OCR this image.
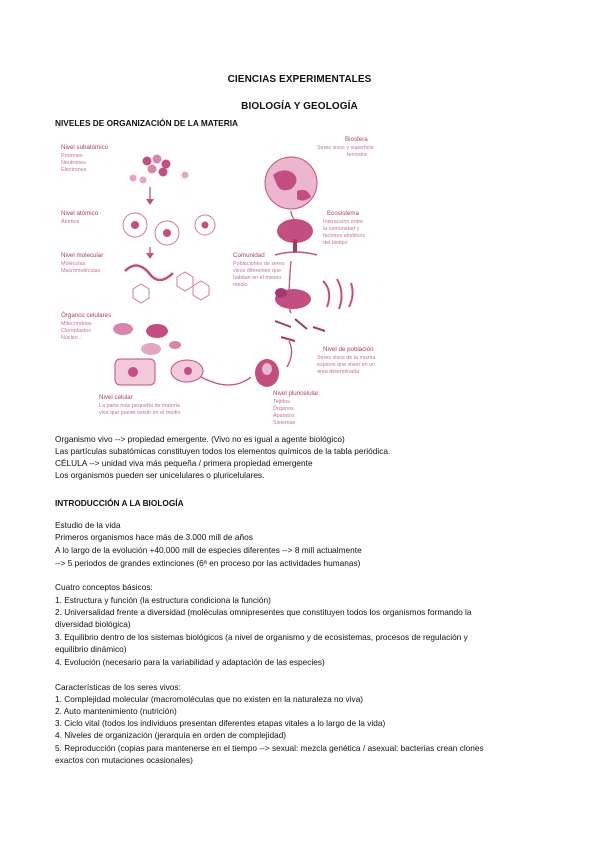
CIENCIAS EXPERIMENTALES
BIOLOGÍA Y GEOLOGÍA
NIVELES DE ORGANIZACIÓN DE LA MATERIA
Nivel subatómico
Protones
Neutrones
Electrones
Nivel atómico
Átomos
Nivel molecular
Moléculas
Macromoléculas
Órganos celulares
Mitocondrias
Cloroplastos
Núcleo...
Nivel celular
La parte más pequeña de materia
viva que puede existir en el medio
Biosfera
Seres vivos y superficie
terrestre
Ecosistema
Interacción entre
la comunidad y
factores abióticos
del biotipo
Comunidad
Poblaciones de seres
vivos diferentes que
habitan en el mismo
medio
Nivel de población
Seres vivos de la misma
especie que viven en un
área determinada
Nivel pluricelular
Tejidos
Órganos
Aparatos
Sistemas
Organismo vivo --> propiedad emergente. (Vivo no es igual a agente biológico)
Las partículas subatómicas constituyen todos los elementos químicos de la tabla periódica.
CÉLULA --> unidad viva más pequeña / primera propiedad emergente
Los organismos pueden ser unicelulares o pluricelulares.
INTRODUCCIÓN A LA BIOLOGÍA
Estudio de la vida
Primeros organismos hace más de 3.000 mill de años
A lo largo de la evolución +40.000 mill de especies diferentes --> 8 mill actualmente
--> 5 periodos de grandes extinciones (6ª en proceso por las actividades humanas)
Cuatro conceptos básicos:
1. Estructura y función (la estructura condiciona la función)
2. Universalidad frente a diversidad (moléculas omnipresentes que constituyen todos los organismos formando la
diversidad biológica)
3. Equilibrio dentro de los sistemas biológicos (a nivel de organismo y de ecosistemas, procesos de regulación y
equilibrio dinámico)
4. Evolución (necesario para la variabilidad y adaptación de las especies)
Características de los seres vivos:
1. Complejidad molecular (macromoléculas que no existen en la naturaleza no viva)
2. Auto mantenimiento (nutrición)
3. Ciclo vital (todos los individuos presentan diferentes etapas vitales a lo largo de la vida)
4. Niveles de organización (jerarquía en orden de complejidad)
5. Reproducción (copias para mantenerse en el tiempo --> sexual: mezcla genética / asexual: bacterias crean clones
exactos con mutaciones ocasionales)
